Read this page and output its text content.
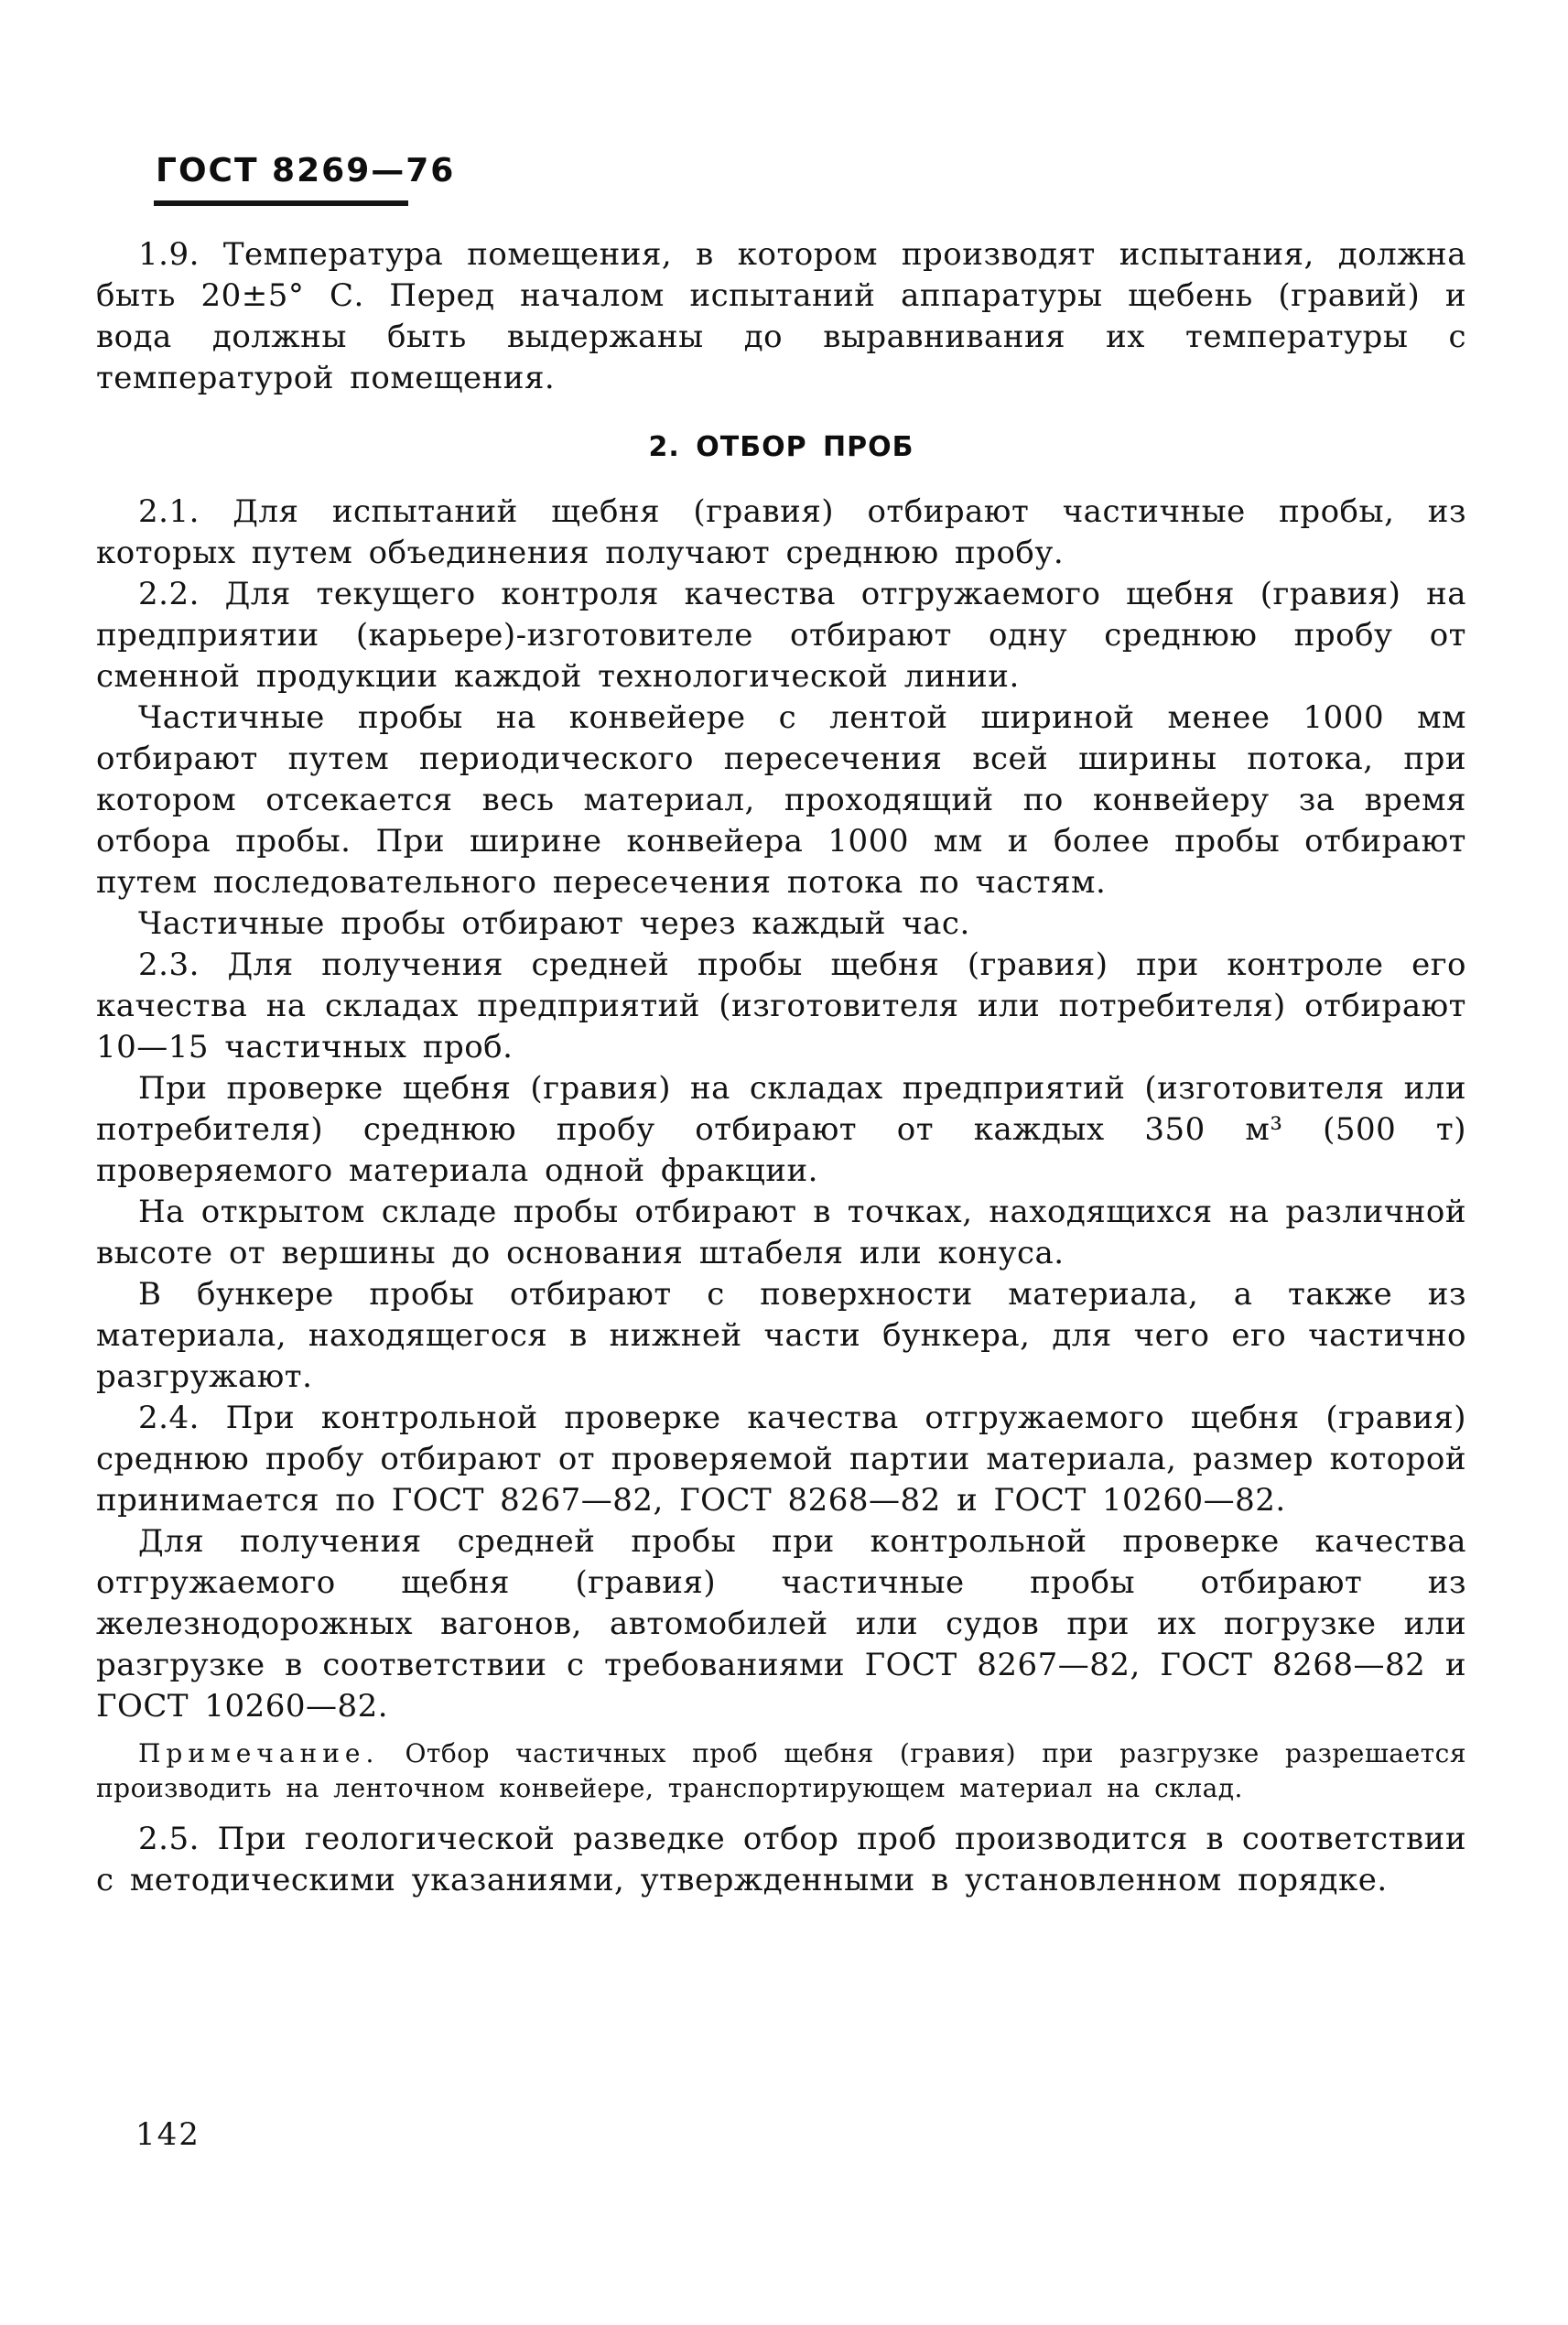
ГОСТ 8269—76

1.9. Температура помещения, в котором производят испытания, должна быть 20±5° С. Перед началом испытаний аппаратуры щебень (гравий) и вода должны быть выдержаны до выравнивания их температуры с температурой помещения.

2. ОТБОР ПРОБ

2.1. Для испытаний щебня (гравия) отбирают частичные пробы, из которых путем объединения получают среднюю пробу.

2.2. Для текущего контроля качества отгружаемого щебня (гравия) на предприятии (карьере)-изготовителе отбирают одну среднюю пробу от сменной продукции каждой технологической линии.

Частичные пробы на конвейере с лентой шириной менее 1000 мм отбирают путем периодического пересечения всей ширины потока, при котором отсекается весь материал, проходящий по конвейеру за время отбора пробы. При ширине конвейера 1000 мм и более пробы отбирают путем последовательного пересечения потока по частям.

Частичные пробы отбирают через каждый час.

2.3. Для получения средней пробы щебня (гравия) при контроле его качества на складах предприятий (изготовителя или потребителя) отбирают 10—15 частичных проб.

При проверке щебня (гравия) на складах предприятий (изготовителя или потребителя) среднюю пробу отбирают от каждых 350 м³ (500 т) проверяемого материала одной фракции.

На открытом складе пробы отбирают в точках, находящихся на различной высоте от вершины до основания штабеля или конуса.

В бункере пробы отбирают с поверхности материала, а также из материала, находящегося в нижней части бункера, для чего его частично разгружают.

2.4. При контрольной проверке качества отгружаемого щебня (гравия) среднюю пробу отбирают от проверяемой партии материала, размер которой принимается по ГОСТ 8267—82, ГОСТ 8268—82 и ГОСТ 10260—82.

Для получения средней пробы при контрольной проверке качества отгружаемого щебня (гравия) частичные пробы отбирают из железнодорожных вагонов, автомобилей или судов при их погрузке или разгрузке в соответствии с требованиями ГОСТ 8267—82, ГОСТ 8268—82 и ГОСТ 10260—82.

Примечание. Отбор частичных проб щебня (гравия) при разгрузке разрешается производить на ленточном конвейере, транспортирующем материал на склад.

2.5. При геологической разведке отбор проб производится в соответствии с методическими указаниями, утвержденными в установленном порядке.

142
